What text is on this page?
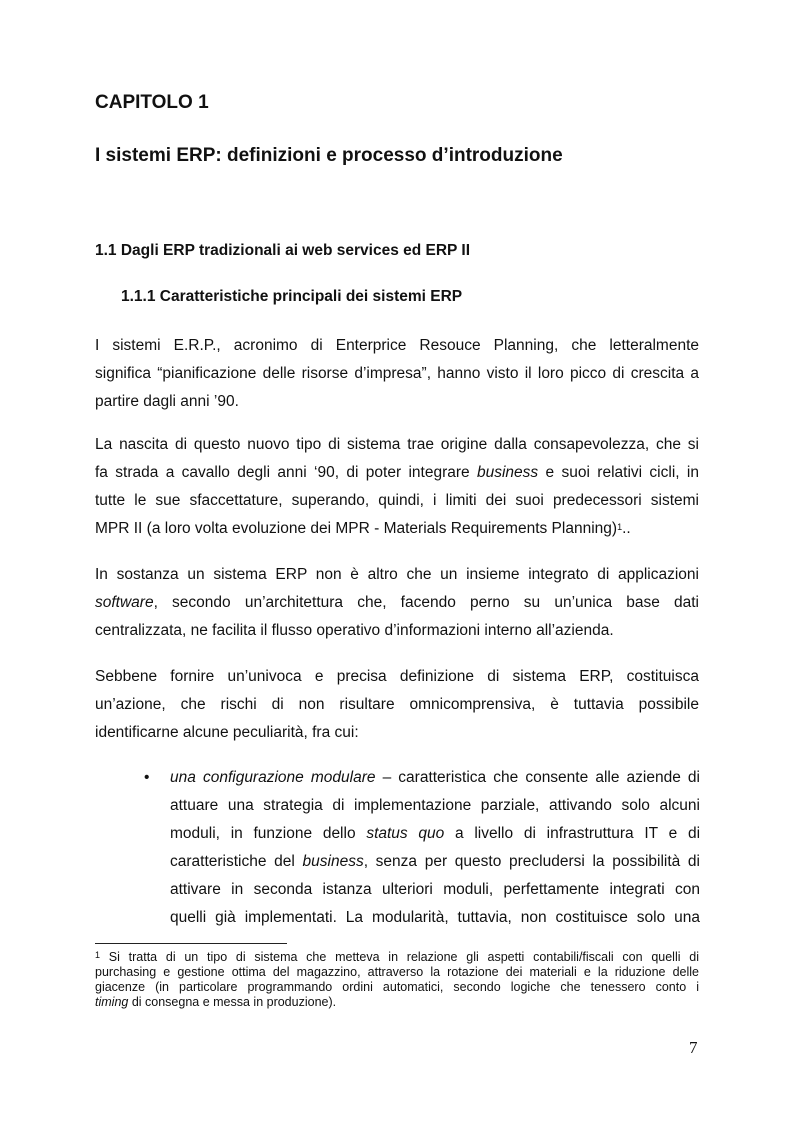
CAPITOLO 1
I sistemi ERP: definizioni e processo d’introduzione
1.1 Dagli ERP tradizionali ai web services ed ERP II
1.1.1 Caratteristiche principali dei sistemi ERP

I sistemi E.R.P., acronimo di Enterprice Resouce Planning, che letteralmente
significa “pianificazione delle risorse d’impresa”, hanno visto il loro picco di crescita a
partire dagli anni ’90.

La nascita di questo nuovo tipo di sistema trae origine dalla consapevolezza, che si
fa strada a cavallo degli anni ‘90, di poter integrare business e suoi relativi cicli, in
tutte le sue sfaccettature, superando, quindi, i limiti dei suoi predecessori sistemi
MPR II (a loro volta evoluzione dei MPR - Materials Requirements Planning)$^1$..

In sostanza un sistema ERP non è altro che un insieme integrato di applicazioni
software, secondo un’architettura che, facendo perno su un’unica base dati
centralizzata, ne facilita il flusso operativo d’informazioni interno all’azienda.

Sebbene fornire un’univoca e precisa definizione di sistema ERP, costituisca
un’azione, che rischi di non risultare omnicomprensiva, è tuttavia possibile
identificarne alcune peculiarità, fra cui:

• una configurazione modulare – caratteristica che consente alle aziende di
attuare una strategia di implementazione parziale, attivando solo alcuni
moduli, in funzione dello status quo a livello di infrastruttura IT e di
caratteristiche del business, senza per questo precludersi la possibilità di
attivare in seconda istanza ulteriori moduli, perfettamente integrati con
quelli già implementati. La modularità, tuttavia, non costituisce solo una

$^1$ Si tratta di un tipo di sistema che metteva in relazione gli aspetti contabili/fiscali con quelli di
purchasing e gestione ottima del magazzino, attraverso la rotazione dei materiali e la riduzione delle
giacenze (in particolare programmando ordini automatici, secondo logiche che tenessero conto i
timing di consegna e messa in produzione).

7
